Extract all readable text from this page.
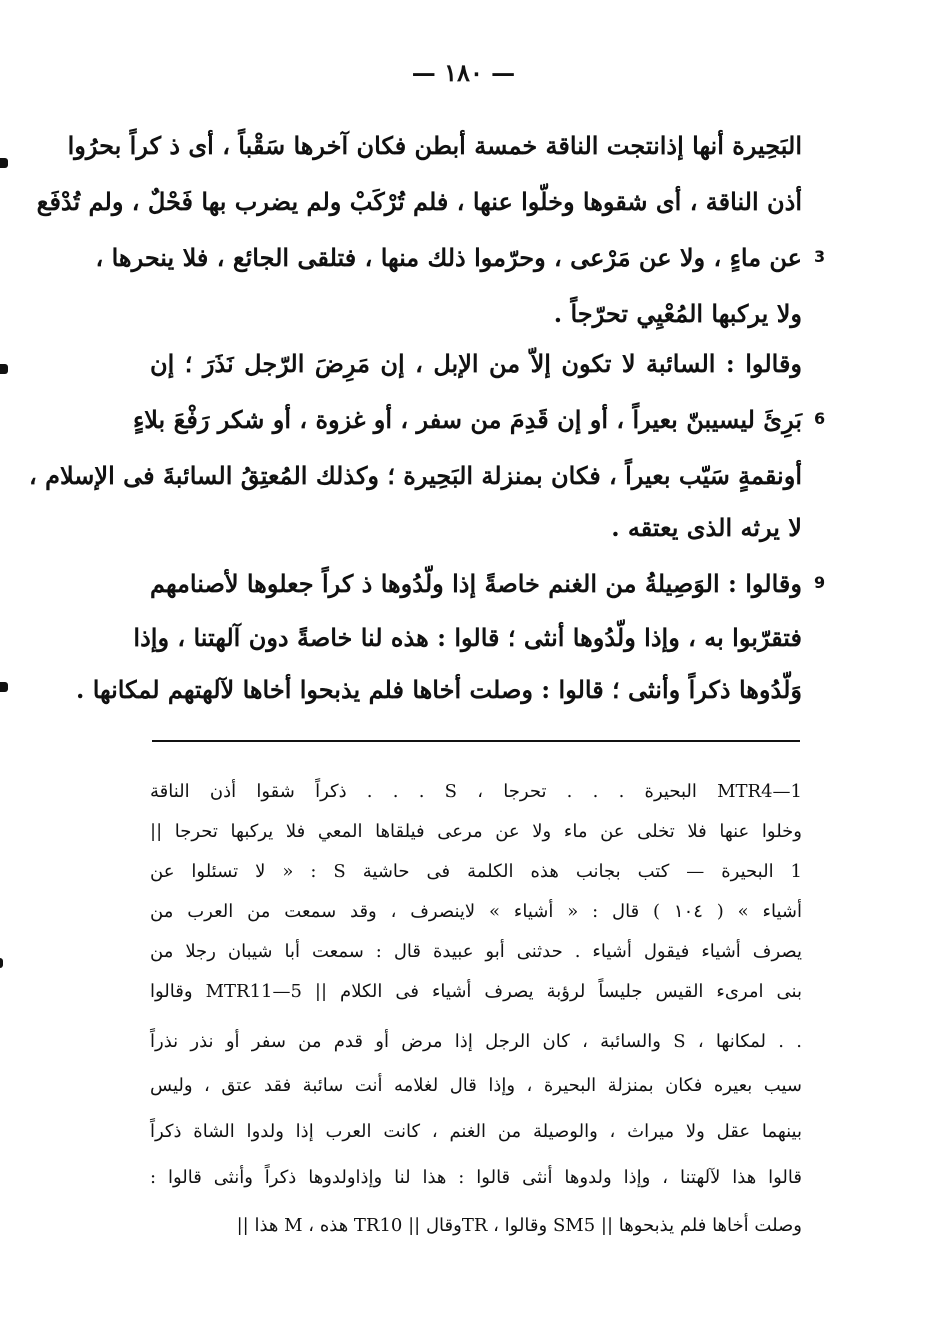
— ١٨٠ —
البَحِيرة أنها إذانتجت الناقة خمسة أبطن فكان آخرها سَقْباً ، أى ذ كراً بحرُوا
أذن الناقة ، أى شقوها وخلّوا عنها ، فلم تُرْكَبْ ولم يضرب بها فَحْلٌ ، ولم تُدْفَع
عن ماءٍ ، ولا عن مَرْعى ، وحرّموا ذلك منها ، فتلقى الجائع ، فلا ينحرها ،
ولا يركبها المُعْيِي تحرّجاً .
وقالوا : السائبة لا تكون إلاّ من الإبل ، إن مَرِضَ الرّجل نَذَرَ ؛ إن
بَرِئَ ليسيبنّ بعيراً ، أو إن قَدِمَ من سفر ، أو غزوة ، أو شكر رَفْعَ بلاءٍ
أونقمةٍ سَيّب بعيراً ، فكان بمنزلة البَحِيرة ؛ وكذلك المُعتِقُ السائبةَ فى الإسلام ،
لا يرثه الذى يعتقه .
وقالوا : الوَصِيلةُ من الغنم خاصةً إذا ولّدُوها ذ كراً جعلوها لأصنامهم
فتقرّبوا به ، وإذا ولّدُوها أنثى ؛ قالوا : هذه لنا خاصةً دون آلهتنا ، وإذا
وَلّدُوها ذكراً وأنثى ؛ قالوا : وصلت أخاها فلم يذبحوا أخاها لآلهتهم لمكانها .
3
6
9
MTR4—1 البحيرة . . . تحرجا ، S . . . ذكراً شقوا أذن الناقة
وخلوا عنها فلا تخلى عن ماء ولا عن مرعى فيلقاها المعي فلا يركبها تحرجا ||
1 البحيرة — كتب بجانب هذه الكلمة فى حاشية S : « لا تسئلوا عن
أشياء » ( ١٠٤ ) قال : « أشياء » لاينصرف ، وقد سمعت من العرب من
يصرف أشياء فيقول أشياء . حدثنى أبو عبيدة قال : سمعت أبا شيبان رجلا من
بنى امرىء القيس جليساً لرؤبة يصرف أشياء فى الكلام || MTR11—5 وقالوا
. . لمكانها ، S والسائبة ، كان الرجل إذا مرض أو قدم من سفر أو نذر نذراً
سيب بعيره فكان بمنزلة البحيرة ، وإذا قال لغلامه أنت سائبة فقد عتق ، وليس
بينهما عقل ولا ميراث ، والوصيلة من الغنم ، كانت العرب إذا ولدوا الشاة ذكراً
قالوا هذا لآلهتنا ، وإذا ولدوها أنثى قالوا : هذا لنا وإذاولدوها ذكراً وأنثى قالوا :
وصلت أخاها فلم يذبحوها || SM5 وقالوا ، TRوقال || TR10 هذه ، M هذا ||
